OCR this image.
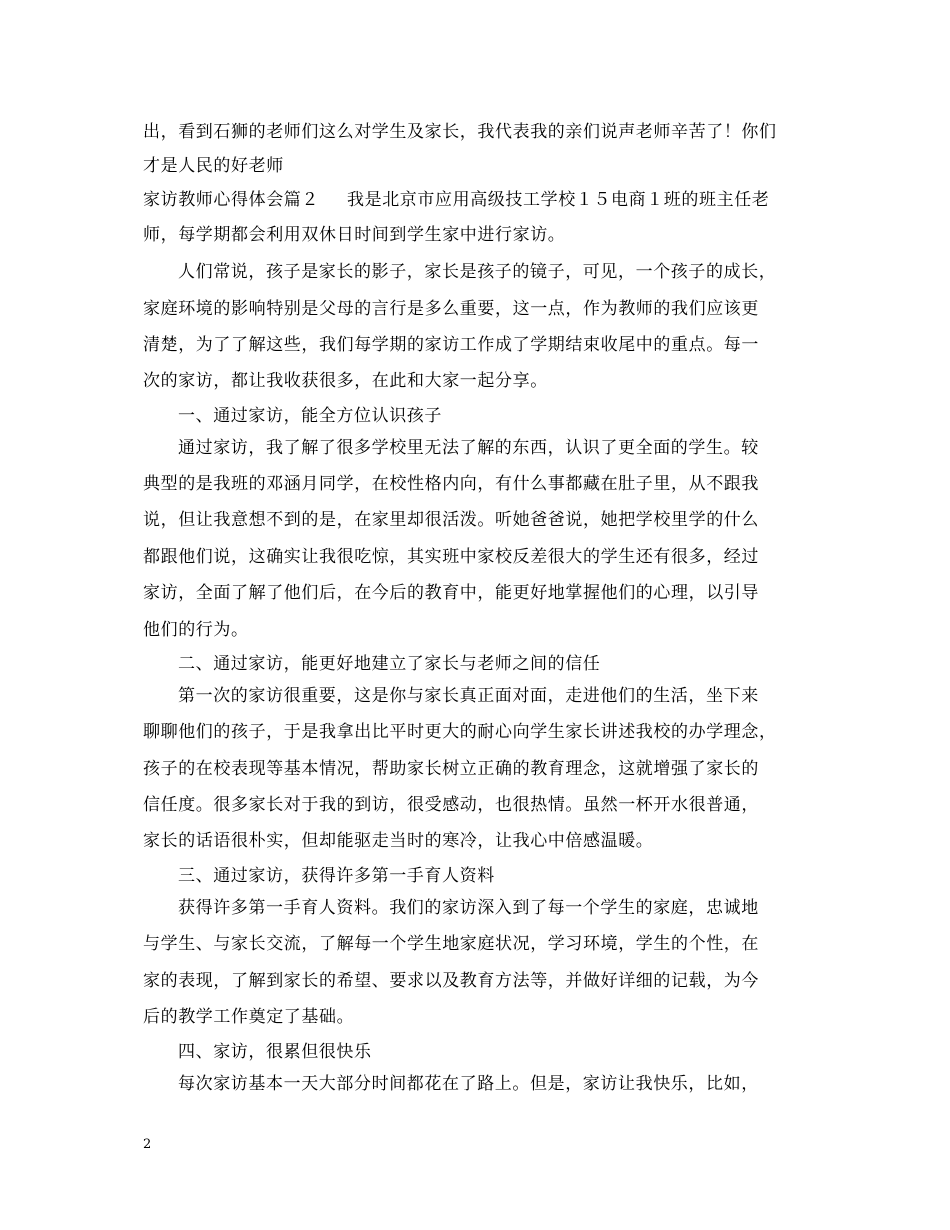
出，看到石狮的老师们这么对学生及家长，我代表我的亲们说声老师辛苦了！你们
才是人民的好老师
家访教师心得体会篇２ 我是北京市应用高级技工学校１５电商１班的班主任老
师，每学期都会利用双休日时间到学生家中进行家访。
人们常说，孩子是家长的影子，家长是孩子的镜子，可见，一个孩子的成长，
家庭环境的影响特别是父母的言行是多么重要，这一点，作为教师的我们应该更
清楚，为了了解这些，我们每学期的家访工作成了学期结束收尾中的重点。每一
次的家访，都让我收获很多，在此和大家一起分享。
一、通过家访，能全方位认识孩子
通过家访，我了解了很多学校里无法了解的东西，认识了更全面的学生。较
典型的是我班的邓涵月同学，在校性格内向，有什么事都藏在肚子里，从不跟我
说，但让我意想不到的是，在家里却很活泼。听她爸爸说，她把学校里学的什么
都跟他们说，这确实让我很吃惊，其实班中家校反差很大的学生还有很多，经过
家访，全面了解了他们后，在今后的教育中，能更好地掌握他们的心理，以引导
他们的行为。
二、通过家访，能更好地建立了家长与老师之间的信任
第一次的家访很重要，这是你与家长真正面对面，走进他们的生活，坐下来
聊聊他们的孩子，于是我拿出比平时更大的耐心向学生家长讲述我校的办学理念，
孩子的在校表现等基本情况，帮助家长树立正确的教育理念，这就增强了家长的
信任度。很多家长对于我的到访，很受感动，也很热情。虽然一杯开水很普通，
家长的话语很朴实，但却能驱走当时的寒冷，让我心中倍感温暖。
三、通过家访，获得许多第一手育人资料
获得许多第一手育人资料。我们的家访深入到了每一个学生的家庭，忠诚地
与学生、与家长交流，了解每一个学生地家庭状况，学习环境，学生的个性，在
家的表现，了解到家长的希望、要求以及教育方法等，并做好详细的记载，为今
后的教学工作奠定了基础。
四、家访，很累但很快乐
每次家访基本一天大部分时间都花在了路上。但是，家访让我快乐，比如，
2
